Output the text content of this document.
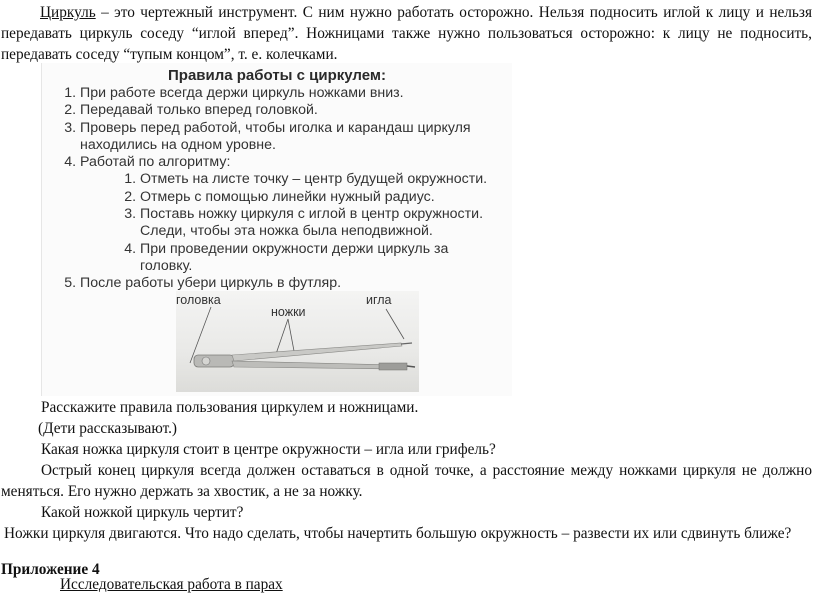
Циркуль – это чертежный инструмент. С ним нужно работать осторожно. Нельзя подносить иглой к лицу и нельзя передавать циркуль соседу “иглой вперед”. Ножницами также нужно пользоваться осторожно: к лицу не подносить, передавать соседу “тупым концом”, т. е. колечками.

Правила работы с циркулем:
1. При работе всегда держи циркуль ножками вниз.
2. Передавай только вперед головкой.
3. Проверь перед работой, чтобы иголка и карандаш циркуля находились на одном уровне.
4. Работай по алгоритму:
1. Отметь на листе точку – центр будущей окружности.
2. Отмерь с помощью линейки нужный радиус.
3. Поставь ножку циркуля с иглой в центр окружности. Следи, чтобы эта ножка была неподвижной.
4. При проведении окружности держи циркуль за головку.
5. После работы убери циркуль в футляр.
головка
ножки
игла

Расскажите правила пользования циркулем и ножницами.

(Дети рассказывают.)

Какая ножка циркуля стоит в центре окружности – игла или грифель?

Острый конец циркуля всегда должен оставаться в одной точке, а расстояние между ножками циркуля не должно меняться. Его нужно держать за хвостик, а не за ножку.

Какой ножкой циркуль чертит?

Ножки циркуля двигаются. Что надо сделать, чтобы начертить большую окружность – развести их или сдвинуть ближе?

Приложение 4

Исследовательская работа в парах
